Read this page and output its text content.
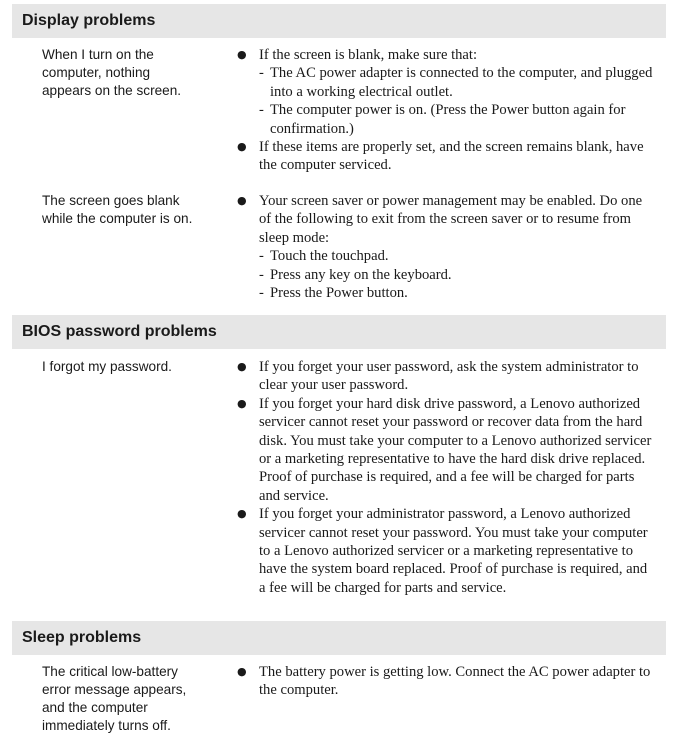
Display problems
When I turn on the
computer, nothing
appears on the screen.
● If the screen is blank, make sure that:
- The AC power adapter is connected to the computer, and plugged into a working electrical outlet.
- The computer power is on. (Press the Power button again for confirmation.)
● If these items are properly set, and the screen remains blank, have the computer serviced.
The screen goes blank
while the computer is on.
● Your screen saver or power management may be enabled. Do one of the following to exit from the screen saver or to resume from sleep mode:
- Touch the touchpad.
- Press any key on the keyboard.
- Press the Power button.
BIOS password problems
I forgot my password.	● If you forget your user password, ask the system administrator to clear your user password.
● If you forget your hard disk drive password, a Lenovo authorized servicer cannot reset your password or recover data from the hard disk. You must take your computer to a Lenovo authorized servicer or a marketing representative to have the hard disk drive replaced. Proof of purchase is required, and a fee will be charged for parts and service.
● If you forget your administrator password, a Lenovo authorized servicer cannot reset your password. You must take your computer to a Lenovo authorized servicer or a marketing representative to have the system board replaced. Proof of purchase is required, and a fee will be charged for parts and service.
Sleep problems
The critical low-battery
error message appears,
and the computer
immediately turns off.
● The battery power is getting low. Connect the AC power adapter to the computer.
